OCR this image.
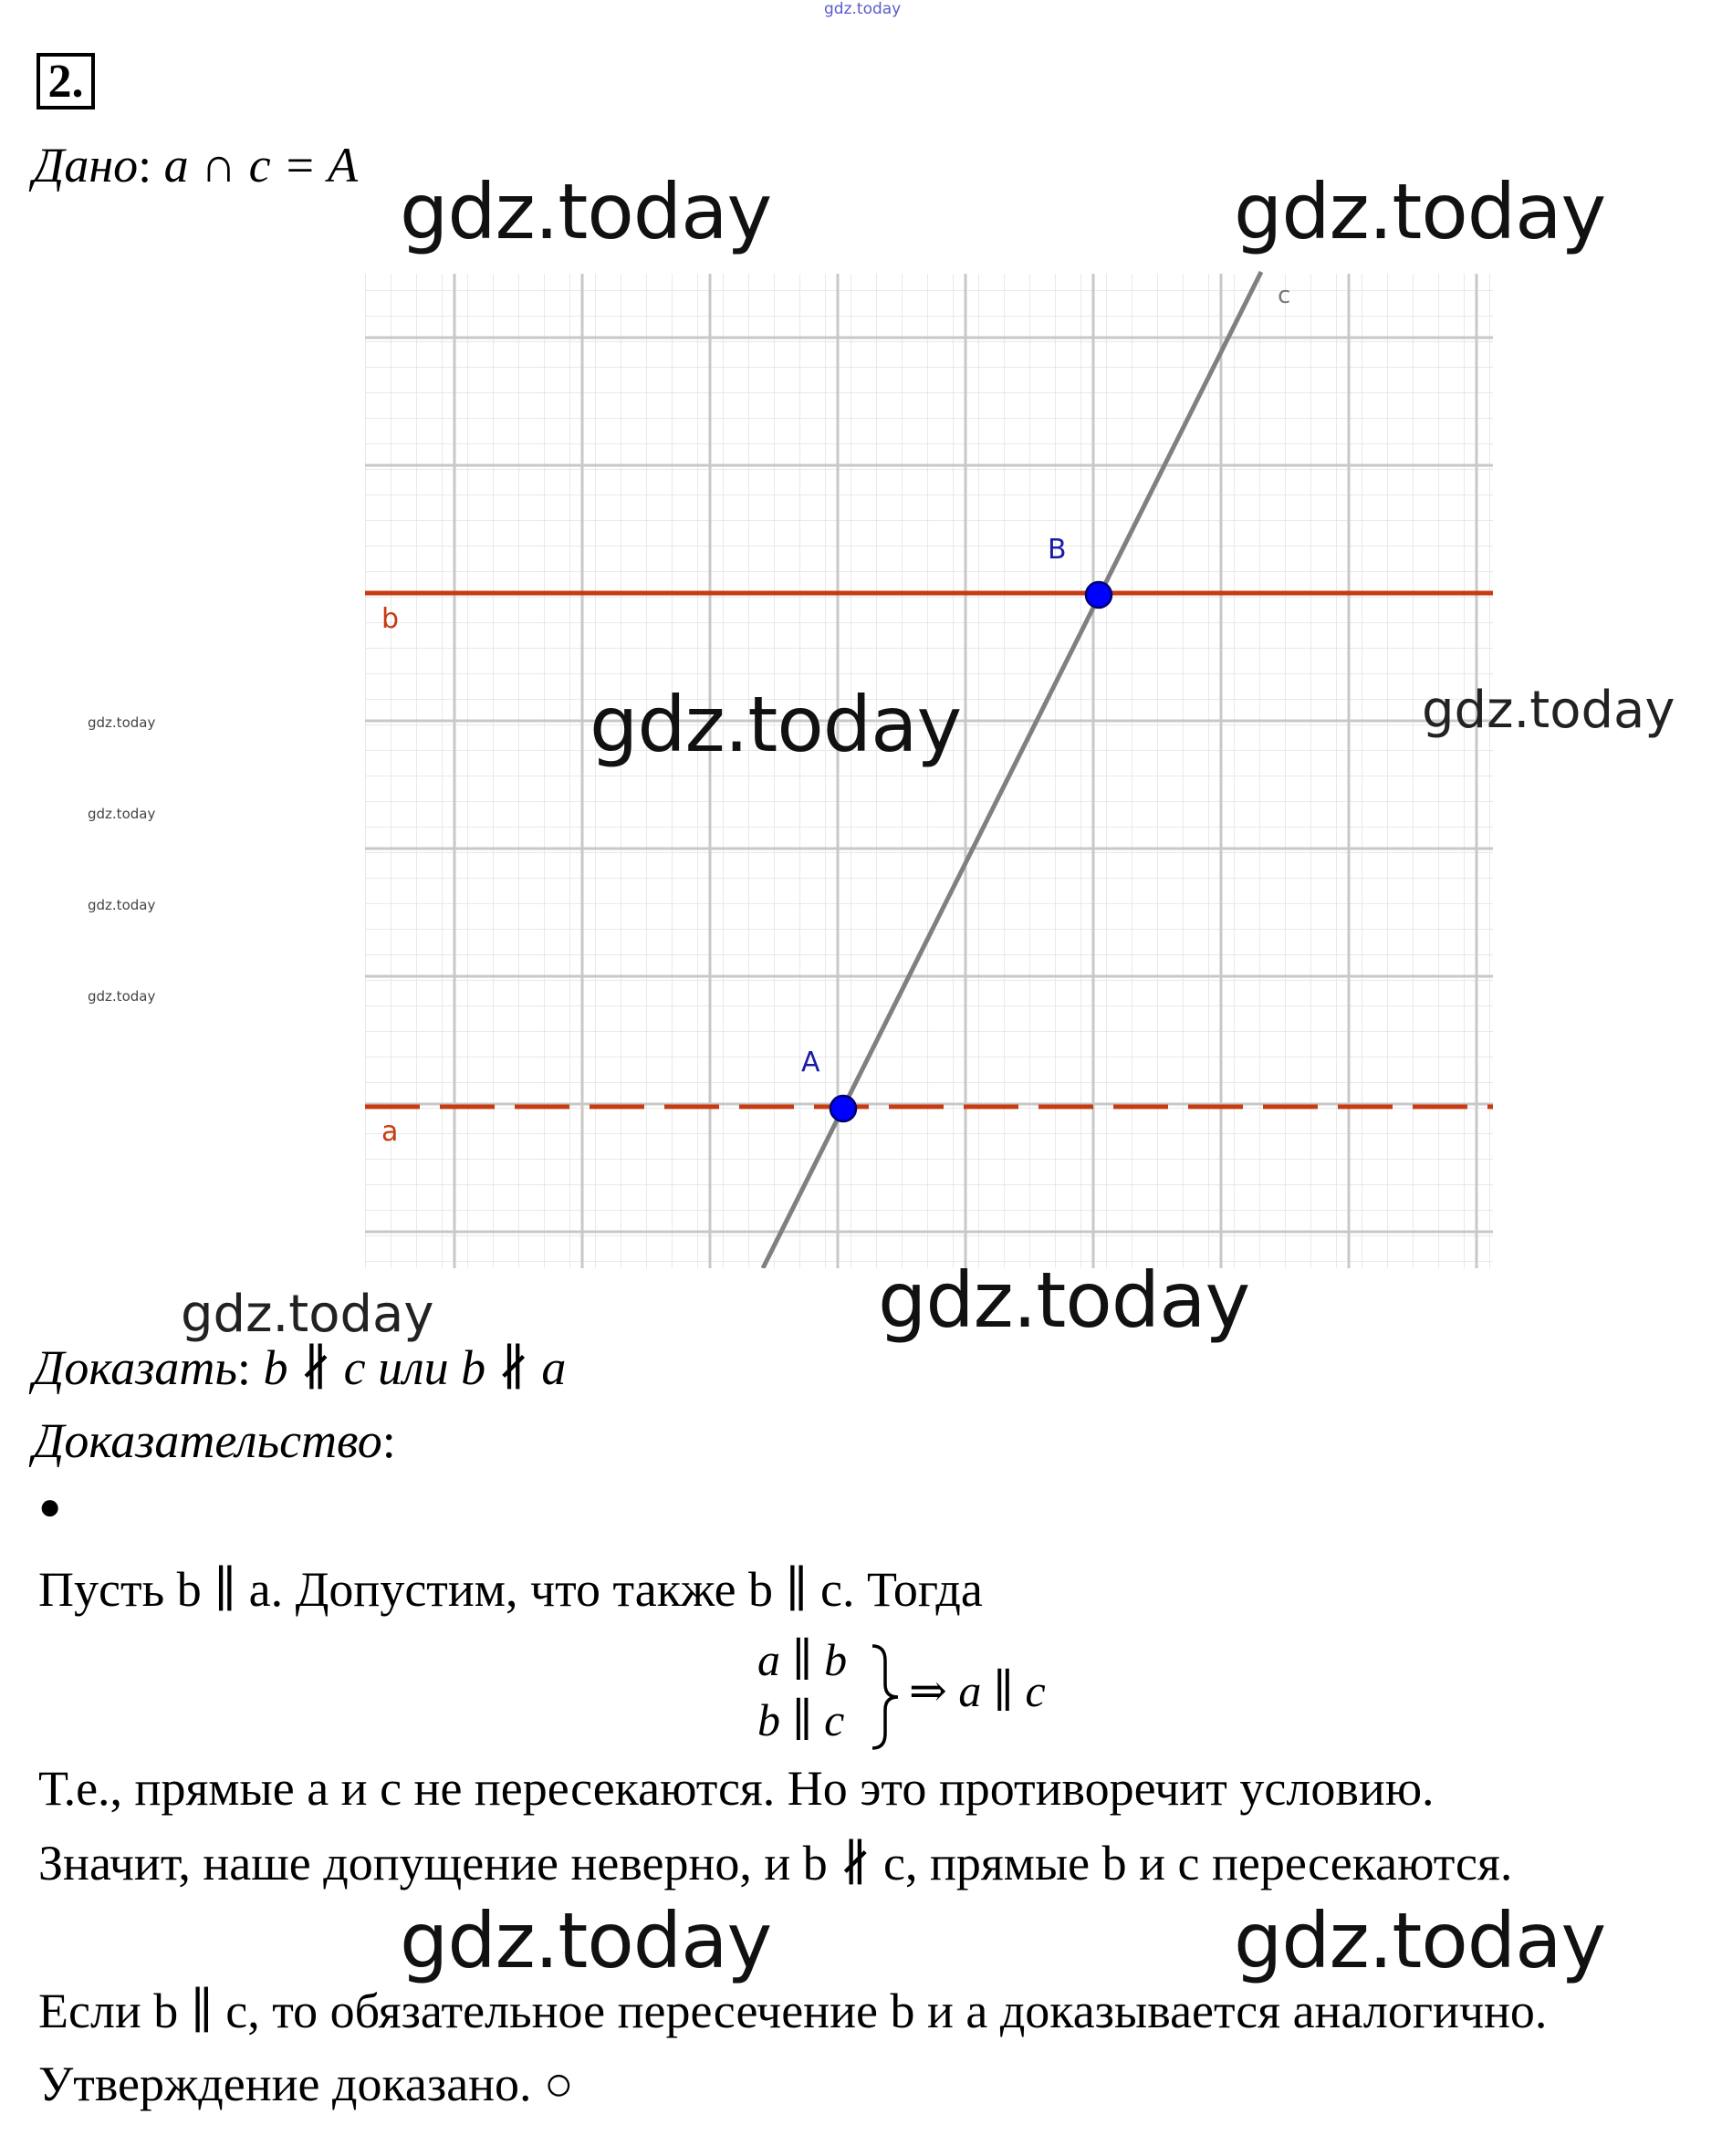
gdz.today
2.
Дано: a ∩ c = A
gdz.today	gdz.today
c
b
a
B
A
gdz.today	gdz.today
gdz.today
gdz.today
gdz.today
gdz.today
gdz.today
gdz.today
Доказать: b ∦ c или b ∦ a
Доказательство:
●
Пусть b ∥ a. Допустим, что также b ∥ c. Тогда
a ∥ b
b ∥ c
⇒ a ∥ c
Т.е., прямые a и c не пересекаются. Но это противоречит условию.
Значит, наше допущение неверно, и b ∦ c, прямые b и c пересекаются.
gdz.today	gdz.today
Если b ∥ c, то обязательное пересечение b и a доказывается аналогично.
Утверждение доказано. ○
